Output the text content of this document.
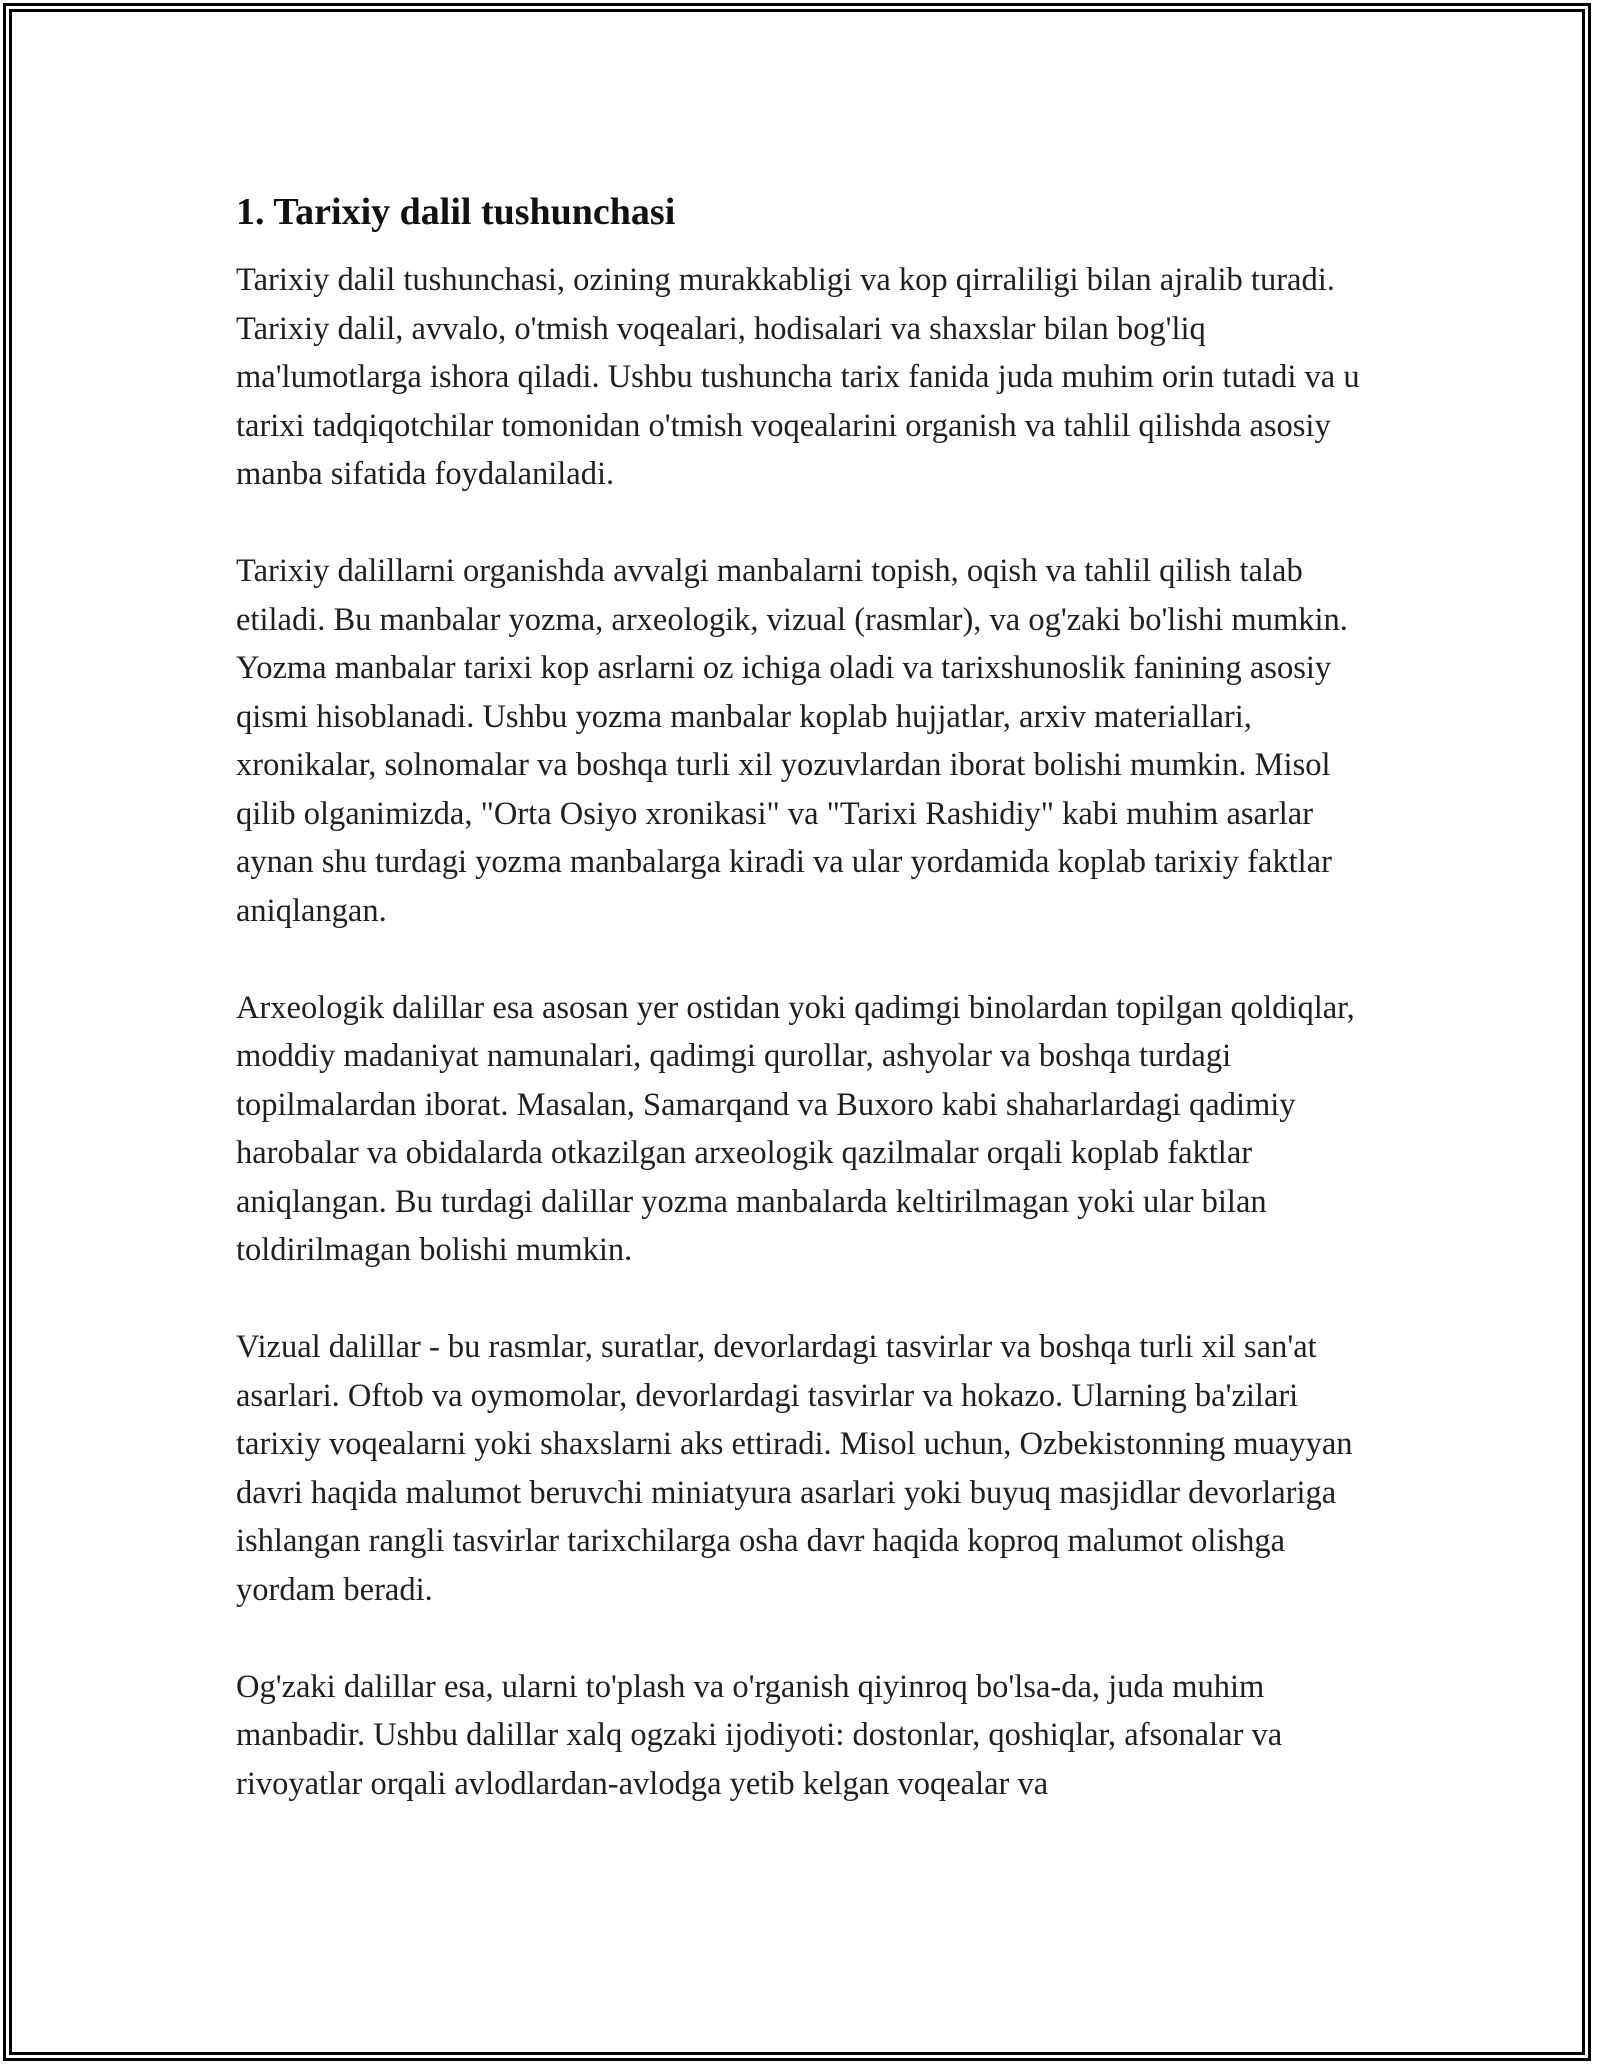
1. Tarixiy dalil tushunchasi

Tarixiy dalil tushunchasi, ozining murakkabligi va kop qirraliligi bilan ajralib turadi. Tarixiy dalil, avvalo, o'tmish voqealari, hodisalari va shaxslar bilan bog'liq ma'lumotlarga ishora qiladi. Ushbu tushuncha tarix fanida juda muhim orin tutadi va u tarixi tadqiqotchilar tomonidan o'tmish voqealarini organish va tahlil qilishda asosiy manba sifatida foydalaniladi.

Tarixiy dalillarni organishda avvalgi manbalarni topish, oqish va tahlil qilish talab etiladi. Bu manbalar yozma, arxeologik, vizual (rasmlar), va og'zaki bo'lishi mumkin. Yozma manbalar tarixi kop asrlarni oz ichiga oladi va tarixshunoslik fanining asosiy qismi hisoblanadi. Ushbu yozma manbalar koplab hujjatlar, arxiv materiallari, xronikalar, solnomalar va boshqa turli xil yozuvlardan iborat bolishi mumkin. Misol qilib olganimizda, "Orta Osiyo xronikasi" va "Tarixi Rashidiy" kabi muhim asarlar aynan shu turdagi yozma manbalarga kiradi va ular yordamida koplab tarixiy faktlar aniqlangan.

Arxeologik dalillar esa asosan yer ostidan yoki qadimgi binolardan topilgan qoldiqlar, moddiy madaniyat namunalari, qadimgi qurollar, ashyolar va boshqa turdagi topilmalardan iborat. Masalan, Samarqand va Buxoro kabi shaharlardagi qadimiy harobalar va obidalarda otkazilgan arxeologik qazilmalar orqali koplab faktlar aniqlangan. Bu turdagi dalillar yozma manbalarda keltirilmagan yoki ular bilan toldirilmagan bolishi mumkin.

Vizual dalillar - bu rasmlar, suratlar, devorlardagi tasvirlar va boshqa turli xil san'at asarlari. Oftob va oymomolar, devorlardagi tasvirlar va hokazo. Ularning ba'zilari tarixiy voqealarni yoki shaxslarni aks ettiradi. Misol uchun, Ozbekistonning muayyan davri haqida malumot beruvchi miniatyura asarlari yoki buyuq masjidlar devorlariga ishlangan rangli tasvirlar tarixchilarga osha davr haqida koproq malumot olishga yordam beradi.

Og'zaki dalillar esa, ularni to'plash va o'rganish qiyinroq bo'lsa-da, juda muhim manbadir. Ushbu dalillar xalq ogzaki ijodiyoti: dostonlar, qoshiqlar, afsonalar va rivoyatlar orqali avlodlardan-avlodga yetib kelgan voqealar va
